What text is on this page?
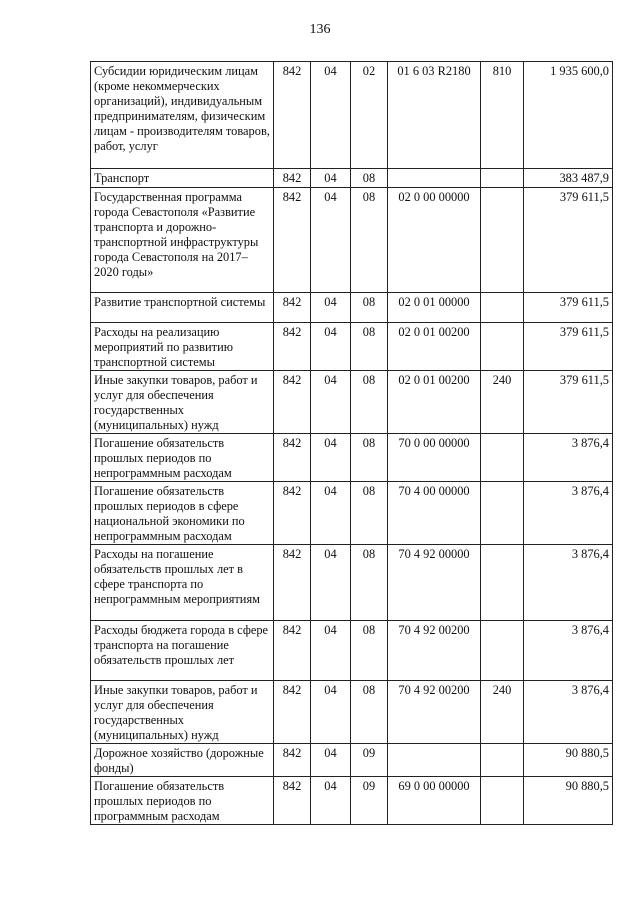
136
Субсидии юридическим лицам (кроме некоммерческих организаций), индивидуальным предпринимателям, физическим лицам - производителям товаров, работ, услуг	842	04	02	01 6 03 R2180	810	1 935 600,0
Транспорт	842	04	08			383 487,9
Государственная программа города Севастополя «Развитие транспорта и дорожно-транспортной инфраструктуры города Севастополя на 2017–2020 годы»	842	04	08	02 0 00 00000		379 611,5
Развитие транспортной системы	842	04	08	02 0 01 00000		379 611,5
Расходы на реализацию мероприятий по развитию транспортной системы	842	04	08	02 0 01 00200		379 611,5
Иные закупки товаров, работ и услуг для обеспечения государственных (муниципальных) нужд	842	04	08	02 0 01 00200	240	379 611,5
Погашение обязательств прошлых периодов по непрограммным расходам	842	04	08	70 0 00 00000		3 876,4
Погашение обязательств прошлых периодов в сфере национальной экономики по непрограммным расходам	842	04	08	70 4 00 00000		3 876,4
Расходы на погашение обязательств прошлых лет в сфере транспорта по непрограммным мероприятиям	842	04	08	70 4 92 00000		3 876,4
Расходы бюджета города в сфере транспорта на погашение обязательств прошлых лет	842	04	08	70 4 92 00200		3 876,4
Иные закупки товаров, работ и услуг для обеспечения государственных (муниципальных) нужд	842	04	08	70 4 92 00200	240	3 876,4
Дорожное хозяйство (дорожные фонды)	842	04	09			90 880,5
Погашение обязательств прошлых периодов по программным расходам	842	04	09	69 0 00 00000		90 880,5
